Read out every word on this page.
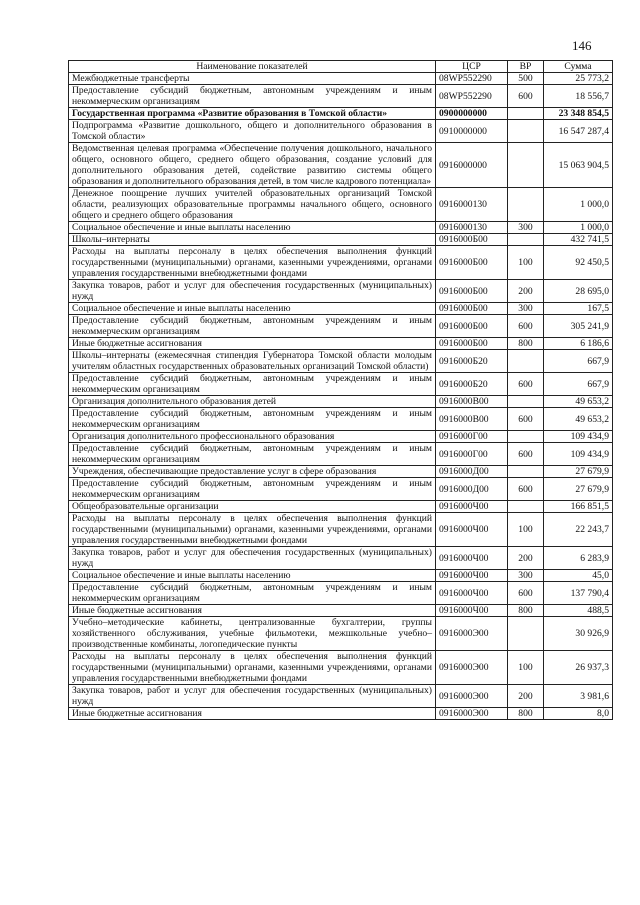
146
Наименование показателей	ЦСР	ВР	Сумма
Межбюджетные трансферты	08WP552290	500	25 773,2
Предоставление субсидий бюджетным, автономным учреждениям и иным некоммерческим организациям	08WP552290	600	18 556,7
Государственная программа «Развитие образования в Томской области»	0900000000		23 348 854,5
Подпрограмма «Развитие дошкольного, общего и дополнительного образования в Томской области»	0910000000		16 547 287,4
Ведомственная целевая программа «Обеспечение получения дошкольного, начального общего, основного общего, среднего общего образования, создание условий для дополнительного образования детей, содействие развитию системы общего образования и дополнительного образования детей, в том числе кадрового потенциала»	0916000000		15 063 904,5
Денежное поощрение лучших учителей образовательных организаций Томской области, реализующих образовательные программы начального общего, основного общего и среднего общего образования	0916000130		1 000,0
Социальное обеспечение и иные выплаты населению	0916000130	300	1 000,0
Школы–интернаты	0916000Б00		432 741,5
Расходы на выплаты персоналу в целях обеспечения выполнения функций государственными (муниципальными) органами, казенными учреждениями, органами управления государственными внебюджетными фондами	0916000Б00	100	92 450,5
Закупка товаров, работ и услуг для обеспечения государственных (муниципальных) нужд	0916000Б00	200	28 695,0
Социальное обеспечение и иные выплаты населению	0916000Б00	300	167,5
Предоставление субсидий бюджетным, автономным учреждениям и иным некоммерческим организациям	0916000Б00	600	305 241,9
Иные бюджетные ассигнования	0916000Б00	800	6 186,6
Школы–интернаты (ежемесячная стипендия Губернатора Томской области молодым учителям областных государственных образовательных организаций Томской области)	0916000Б20		667,9
Предоставление субсидий бюджетным, автономным учреждениям и иным некоммерческим организациям	0916000Б20	600	667,9
Организация дополнительного образования детей	0916000В00		49 653,2
Предоставление субсидий бюджетным, автономным учреждениям и иным некоммерческим организациям	0916000В00	600	49 653,2
Организация дополнительного профессионального образования	0916000Г00		109 434,9
Предоставление субсидий бюджетным, автономным учреждениям и иным некоммерческим организациям	0916000Г00	600	109 434,9
Учреждения, обеспечивающие предоставление услуг в сфере образования	0916000Д00		27 679,9
Предоставление субсидий бюджетным, автономным учреждениям и иным некоммерческим организациям	0916000Д00	600	27 679,9
Общеобразовательные организации	0916000Ч00		166 851,5
Расходы на выплаты персоналу в целях обеспечения выполнения функций государственными (муниципальными) органами, казенными учреждениями, органами управления государственными внебюджетными фондами	0916000Ч00	100	22 243,7
Закупка товаров, работ и услуг для обеспечения государственных (муниципальных) нужд	0916000Ч00	200	6 283,9
Социальное обеспечение и иные выплаты населению	0916000Ч00	300	45,0
Предоставление субсидий бюджетным, автономным учреждениям и иным некоммерческим организациям	0916000Ч00	600	137 790,4
Иные бюджетные ассигнования	0916000Ч00	800	488,5
Учебно–методические кабинеты, централизованные бухгалтерии, группы хозяйственного обслуживания, учебные фильмотеки, межшкольные учебно–производственные комбинаты, логопедические пункты	0916000Э00		30 926,9
Расходы на выплаты персоналу в целях обеспечения выполнения функций государственными (муниципальными) органами, казенными учреждениями, органами управления государственными внебюджетными фондами	0916000Э00	100	26 937,3
Закупка товаров, работ и услуг для обеспечения государственных (муниципальных) нужд	0916000Э00	200	3 981,6
Иные бюджетные ассигнования	0916000Э00	800	8,0
